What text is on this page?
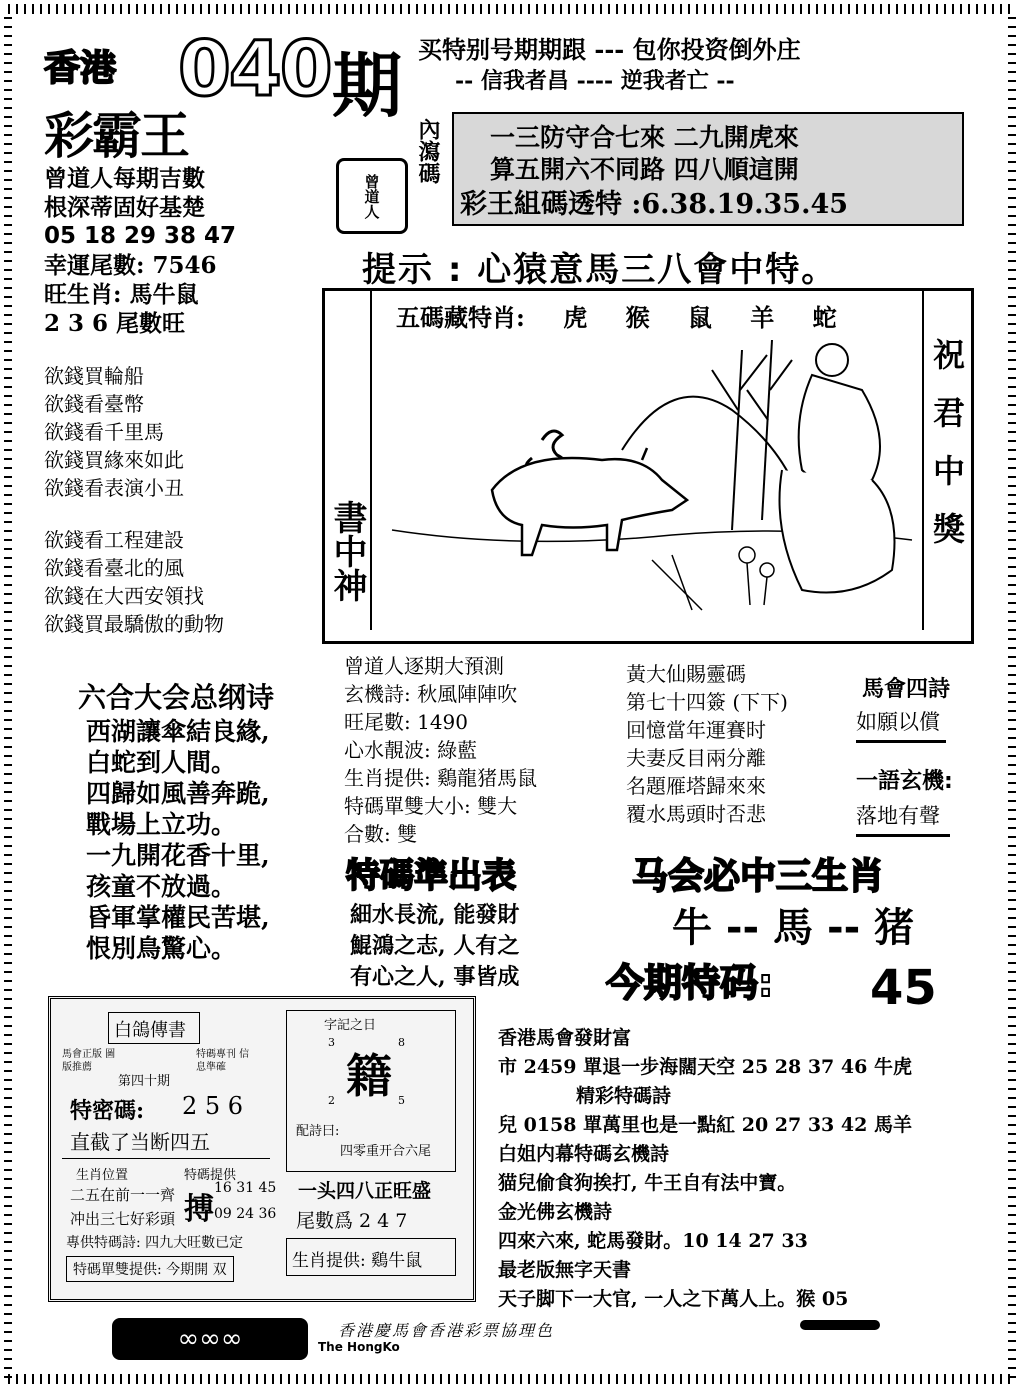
香港 040 期
彩霸王
买特别号期期跟 --- 包你投资倒外庄
-- 信我者昌 ---- 逆我者亡 --
曾道人每期吉數
根深蒂固好基楚
05 18 29 38 47
幸運尾數: 7546
旺生肖: 馬牛鼠
2 3 6 尾數旺
欲錢買輪船
欲錢看臺幣
欲錢看千里馬
欲錢買緣來如此
欲錢看表演小丑
欲錢看工程建設
欲錢看臺北的風
欲錢在大西安領找
欲錢買最驕傲的動物
曾道人
內瀉碼 一三防守合七來 二九開虎來
算五開六不同路 四八順這開
彩王組碼透特 :6.38.19.35.45
提示 : 心猿意馬三八會中特。
五碼藏特肖: 虎 猴 鼠 羊 蛇
書中神	祝君中獎
六合大会总纲诗
西湖讓傘結良緣,
白蛇到人間。
四歸如風善奔跪,
戰場上立功。
一九開花香十里,
孩童不放過。
昏軍掌權民苦堪,
恨別鳥驚心。
曾道人逐期大預測
玄機詩: 秋風陣陣吹
旺尾數: 1490
心水靚波: 綠藍
生肖提供: 鷄龍猪馬鼠
特碼單雙大小: 雙大
合數: 雙
黃大仙賜靈碼
第七十四簽 (下下)
回憶當年運賽时
夫妻反目兩分離
名題雁塔歸來來
覆水馬頭时否悲
馬會四詩
如願以償
一語玄機:
落地有聲
特碼準出表
細水長流, 能發財
鯤鴻之志, 人有之
有心之人, 事皆成
马会必中三生肖
牛 -- 馬 -- 猪
今期特码: 45
白鴿傳書
馬會正版 圖版推薦
特碼專刊 信息準確
第四十期
特密碼: 2 5 6
直截了当断四五
生肖位置
二五在前一一齊
冲出三七好彩頭
特碼提供
搏
16 31 45
09 24 36
專供特碼詩: 四九大旺數已定
特碼單雙提供: 今期開 双
字記之日
3	8
籍
2	5
配詩曰:
四零重开合六尾
一头四八正旺盛
尾數爲 2 4 7
生肖提供: 鷄牛鼠
香港馬會發財富
市 2459 單退一步海闊天空 25 28 37 46 牛虎
精彩特碼詩
兒 0158 單萬里也是一點紅 20 27 33 42 馬羊
白姐内幕特碼玄機詩
猫兒偷食狗挨打, 牛王自有法中寶。
金光佛玄機詩
四來六來, 蛇馬發財。10 14 27 33
最老版無字天書
天子脚下一大官, 一人之下萬人上。猴 05
∞∞∞	The HongKo
香港慶馬會香港彩票協理色
